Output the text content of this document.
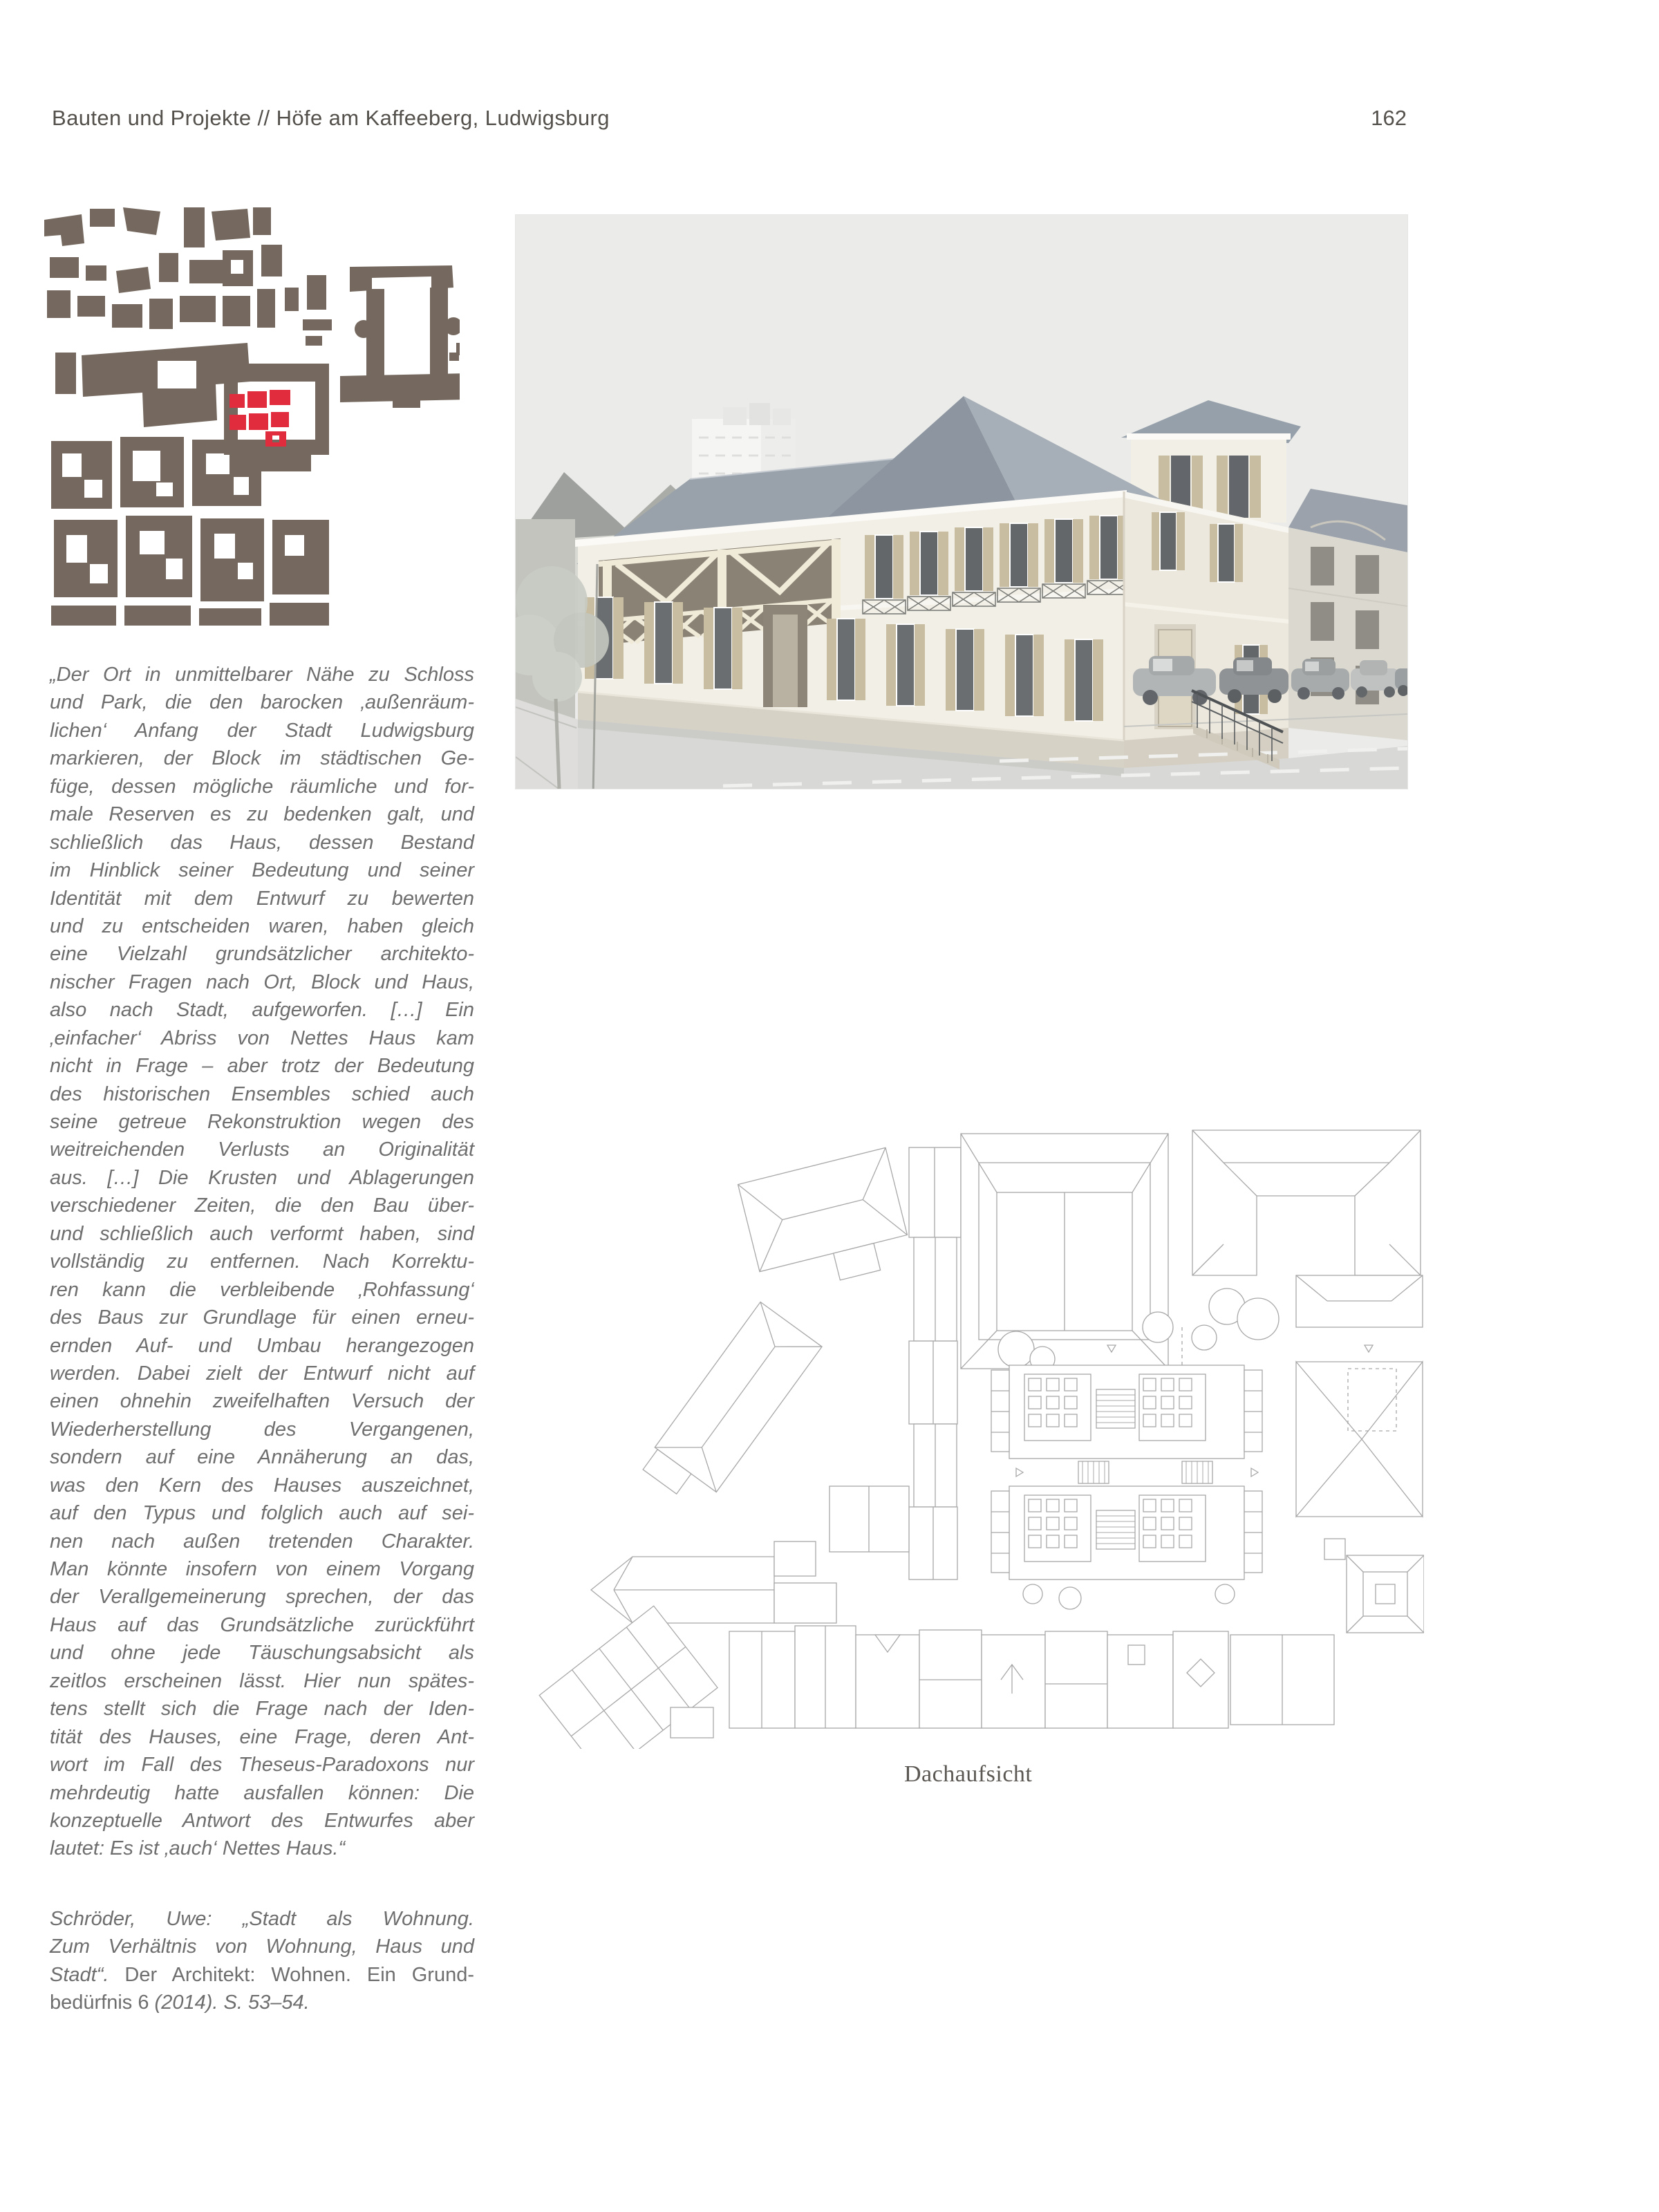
Bauten und Projekte // Höfe am Kaffeeberg, Ludwigsburg	162
„Der Ort in unmittelbarer Nähe zu Schloss
und Park, die den barocken ‚außenräum-
lichen‘ Anfang der Stadt Ludwigsburg
markieren, der Block im städtischen Ge-
füge, dessen mögliche räumliche und for-
male Reserven es zu bedenken galt, und
schließlich das Haus, dessen Bestand
im Hinblick seiner Bedeutung und seiner
Identität mit dem Entwurf zu bewerten
und zu entscheiden waren, haben gleich
eine Vielzahl grundsätzlicher architekto-
nischer Fragen nach Ort, Block und Haus,
also nach Stadt, aufgeworfen. […] Ein
‚einfacher‘ Abriss von Nettes Haus kam
nicht in Frage – aber trotz der Bedeutung
des historischen Ensembles schied auch
seine getreue Rekonstruktion wegen des
weitreichenden Verlusts an Originalität
aus. […] Die Krusten und Ablagerungen
verschiedener Zeiten, die den Bau über-
und schließlich auch verformt haben, sind
vollständig zu entfernen. Nach Korrektu-
ren kann die verbleibende ‚Rohfassung‘
des Baus zur Grundlage für einen erneu-
ernden Auf- und Umbau herangezogen
werden. Dabei zielt der Entwurf nicht auf
einen ohnehin zweifelhaften Versuch der
Wiederherstellung des Vergangenen,
sondern auf eine Annäherung an das,
was den Kern des Hauses auszeichnet,
auf den Typus und folglich auch auf sei-
nen nach außen tretenden Charakter.
Man könnte insofern von einem Vorgang
der Verallgemeinerung sprechen, der das
Haus auf das Grundsätzliche zurückführt
und ohne jede Täuschungsabsicht als
zeitlos erscheinen lässt. Hier nun spätes-
tens stellt sich die Frage nach der Iden-
tität des Hauses, eine Frage, deren Ant-
wort im Fall des Theseus-Paradoxons nur
mehrdeutig hatte ausfallen können: Die
konzeptuelle Antwort des Entwurfes aber
lautet: Es ist ‚auch‘ Nettes Haus.“
Schröder, Uwe: „Stadt als Wohnung.
Zum Verhältnis von Wohnung, Haus und
Stadt“. Der Architekt: Wohnen. Ein Grund-
bedürfnis 6 (2014). S. 53–54.
Dachaufsicht
